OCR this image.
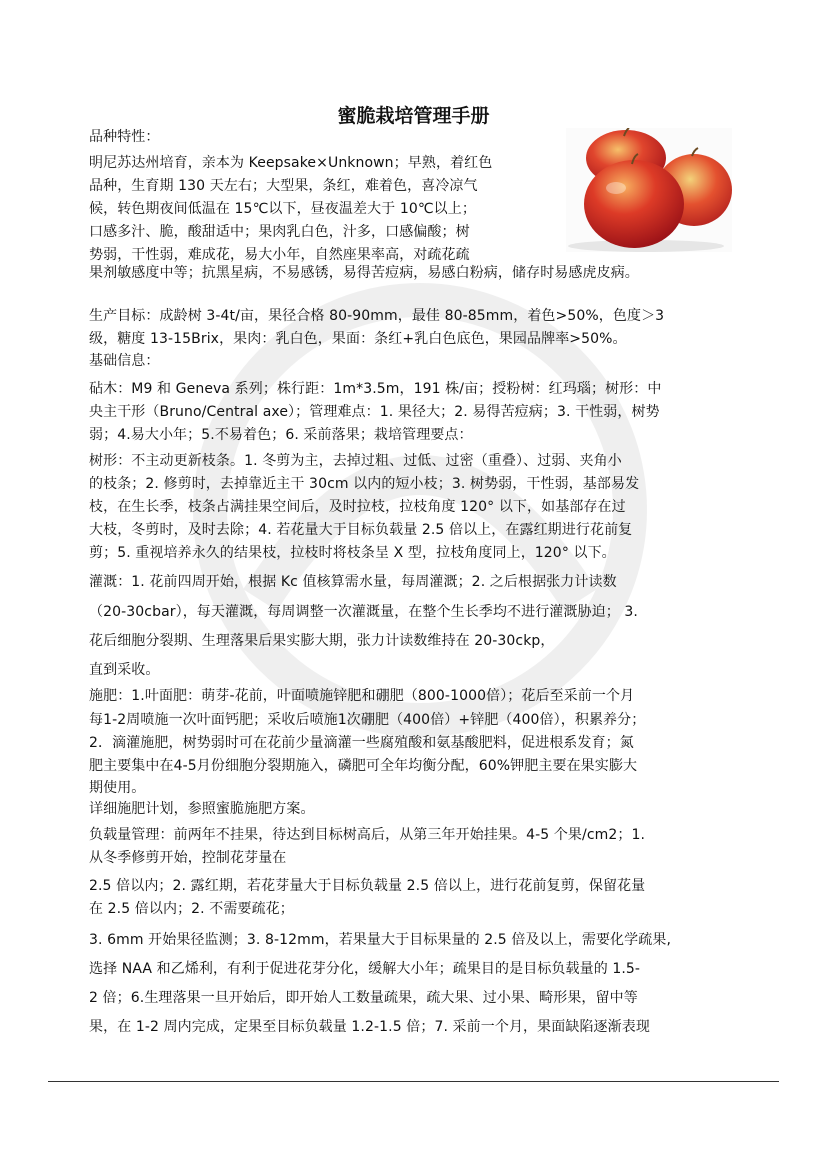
蜜脆栽培管理手册
品种特性：
明尼苏达州培育，亲本为 Keepsake×Unknown；早熟，着红色
品种，生育期 130 天左右；大型果，条红，难着色，喜冷凉气
候，转色期夜间低温在 15℃以下，昼夜温差大于 10℃以上；
口感多汁、脆，酸甜适中；果肉乳白色，汁多，口感偏酸；树
势弱，干性弱，难成花，易大小年，自然座果率高，对疏花疏
果剂敏感度中等；抗黑星病，不易感锈，易得苦痘病，易感白粉病，储存时易感虎皮病。
生产目标：成龄树 3-4t/亩，果径合格 80-90mm，最佳 80-85mm，着色>50%，色度＞3
级，糖度 13-15Brix，果肉：乳白色，果面：条红+乳白色底色，果园品牌率>50%。
基础信息：
砧木：M9 和 Geneva 系列；株行距：1m*3.5m，191 株/亩；授粉树：红玛瑙；树形：中
央主干形（Bruno/Central axe）；管理难点：1. 果径大；2. 易得苦痘病；3. 干性弱，树势
弱；4.易大小年；5.不易着色；6. 采前落果；栽培管理要点：
树形：不主动更新枝条。1. 冬剪为主，去掉过粗、过低、过密（重叠）、过弱、夹角小
的枝条；2. 修剪时，去掉靠近主干 30cm 以内的短小枝；3. 树势弱，干性弱，基部易发
枝，在生长季，枝条占满挂果空间后，及时拉枝，拉枝角度 120° 以下，如基部存在过
大枝，冬剪时，及时去除；4. 若花量大于目标负载量 2.5 倍以上，在露红期进行花前复
剪；5. 重视培养永久的结果枝，拉枝时将枝条呈 X 型，拉枝角度同上，120° 以下。
灌溉：1. 花前四周开始，根据 Kc 值核算需水量，每周灌溉；2. 之后根据张力计读数
（20-30cbar），每天灌溉，每周调整一次灌溉量，在整个生长季均不进行灌溉胁迫； 3.
花后细胞分裂期、生理落果后果实膨大期，张力计读数维持在 20-30ckp，
直到采收。
施肥：1.叶面肥：萌芽-花前，叶面喷施锌肥和硼肥（800-1000倍）；花后至采前一个月
每1-2周喷施一次叶面钙肥；采收后喷施1次硼肥（400倍）+锌肥（400倍），积累养分；
2．滴灌施肥，树势弱时可在花前少量滴灌一些腐殖酸和氨基酸肥料，促进根系发育；氮
肥主要集中在4-5月份细胞分裂期施入，磷肥可全年均衡分配，60%钾肥主要在果实膨大
期使用。
详细施肥计划，参照蜜脆施肥方案。
负载量管理：前两年不挂果，待达到目标树高后，从第三年开始挂果。4-5 个果/cm2；1.
从冬季修剪开始，控制花芽量在
2.5 倍以内；2. 露红期，若花芽量大于目标负载量 2.5 倍以上，进行花前复剪，保留花量
在 2.5 倍以内；2. 不需要疏花；
3. 6mm 开始果径监测；3. 8-12mm，若果量大于目标果量的 2.5 倍及以上，需要化学疏果,
选择 NAA 和乙烯利，有利于促进花芽分化，缓解大小年；疏果目的是目标负载量的 1.5-
2 倍；6.生理落果一旦开始后，即开始人工数量疏果，疏大果、过小果、畸形果，留中等
果，在 1-2 周内完成，定果至目标负载量 1.2-1.5 倍；7. 采前一个月，果面缺陷逐渐表现
